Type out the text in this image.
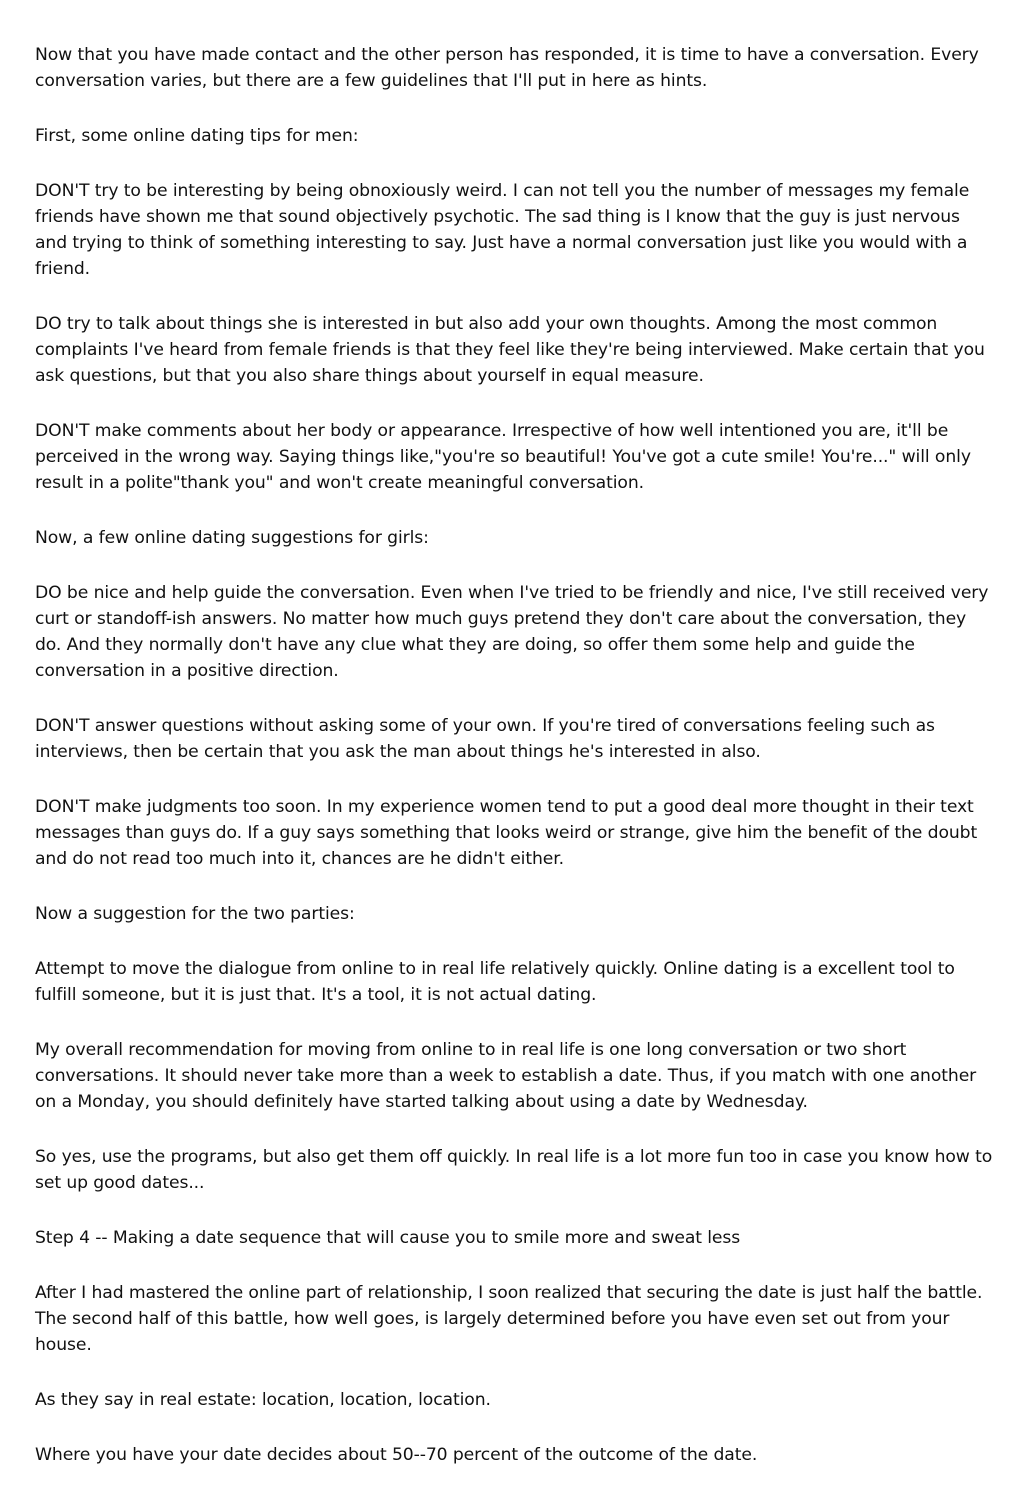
Now that you have made contact and the other person has responded, it is time to have a conversation. Every conversation varies, but there are a few guidelines that I'll put in here as hints.

First, some online dating tips for men:

DON'T try to be interesting by being obnoxiously weird. I can not tell you the number of messages my female friends have shown me that sound objectively psychotic. The sad thing is I know that the guy is just nervous and trying to think of something interesting to say. Just have a normal conversation just like you would with a friend.

DO try to talk about things she is interested in but also add your own thoughts. Among the most common complaints I've heard from female friends is that they feel like they're being interviewed. Make certain that you ask questions, but that you also share things about yourself in equal measure.

DON'T make comments about her body or appearance. Irrespective of how well intentioned you are, it'll be perceived in the wrong way. Saying things like,"you're so beautiful! You've got a cute smile! You're..." will only result in a polite"thank you" and won't create meaningful conversation.

Now, a few online dating suggestions for girls:

DO be nice and help guide the conversation. Even when I've tried to be friendly and nice, I've still received very curt or standoff-ish answers. No matter how much guys pretend they don't care about the conversation, they do. And they normally don't have any clue what they are doing, so offer them some help and guide the conversation in a positive direction.

DON'T answer questions without asking some of your own. If you're tired of conversations feeling such as interviews, then be certain that you ask the man about things he's interested in also.

DON'T make judgments too soon. In my experience women tend to put a good deal more thought in their text messages than guys do. If a guy says something that looks weird or strange, give him the benefit of the doubt and do not read too much into it, chances are he didn't either.

Now a suggestion for the two parties:

Attempt to move the dialogue from online to in real life relatively quickly. Online dating is a excellent tool to fulfill someone, but it is just that. It's a tool, it is not actual dating.

My overall recommendation for moving from online to in real life is one long conversation or two short conversations. It should never take more than a week to establish a date. Thus, if you match with one another on a Monday, you should definitely have started talking about using a date by Wednesday.

So yes, use the programs, but also get them off quickly. In real life is a lot more fun too in case you know how to set up good dates...

Step 4 -- Making a date sequence that will cause you to smile more and sweat less

After I had mastered the online part of relationship, I soon realized that securing the date is just half the battle. The second half of this battle, how well goes, is largely determined before you have even set out from your house.

As they say in real estate: location, location, location.

Where you have your date decides about 50--70 percent of the outcome of the date.
